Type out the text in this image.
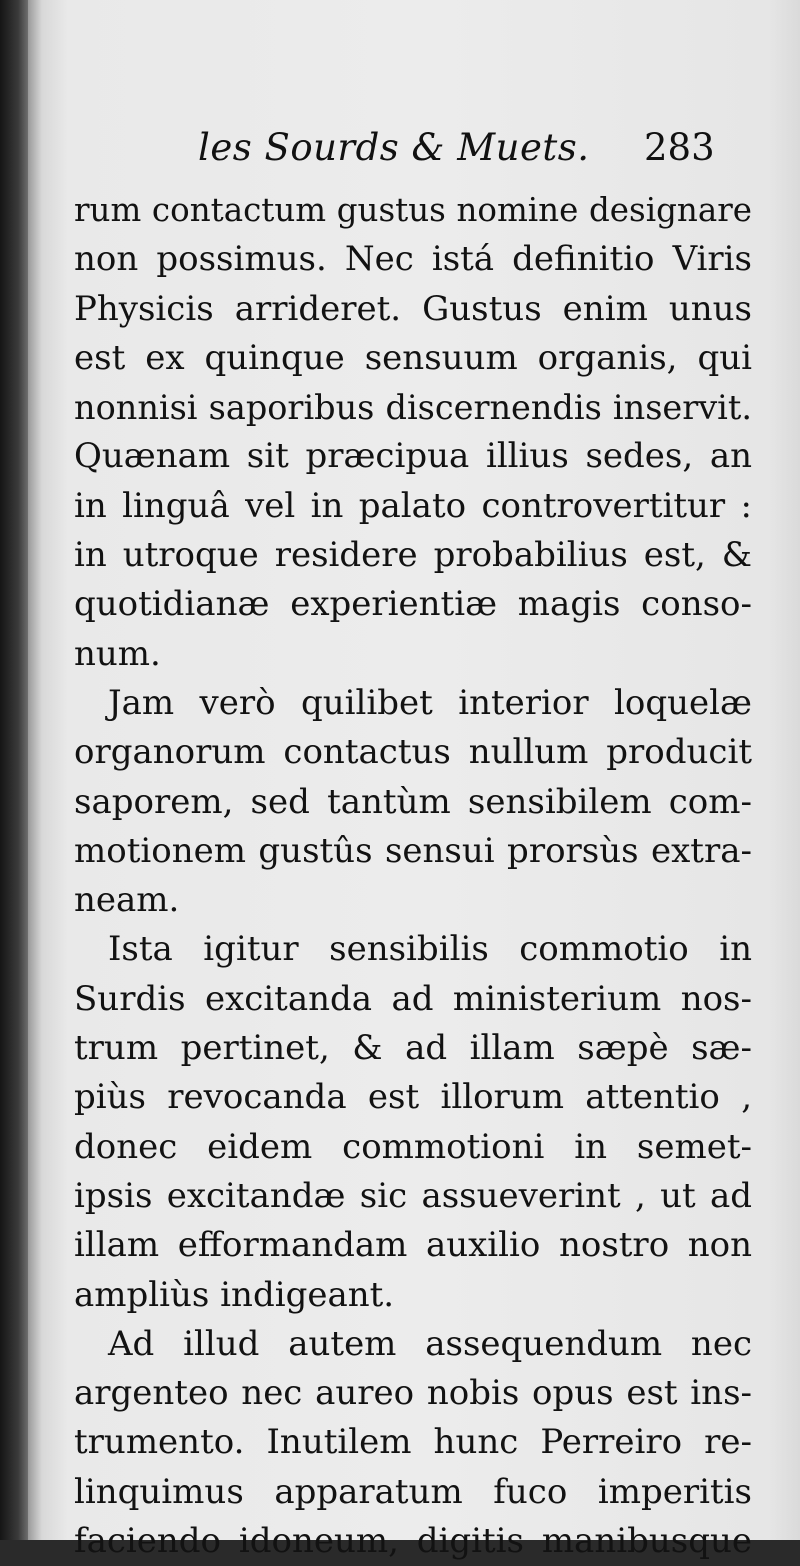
les Sourds & Muets. 283
rum contactum gustus nomine designare
non possimus. Nec istá definitio Viris
Physicis arrideret. Gustus enim unus
est ex quinque sensuum organis, qui
nonnisi saporibus discernendis inservit.
Quænam sit præcipua illius sedes, an
in linguâ vel in palato controvertitur :
in utroque residere probabilius est, &
quotidianæ experientiæ magis conso-
num.
Jam verò quilibet interior loquelæ
organorum contactus nullum producit
saporem, sed tantùm sensibilem com-
motionem gustûs sensui prorsùs extra-
neam.
Ista igitur sensibilis commotio in
Surdis excitanda ad ministerium nos-
trum pertinet, & ad illam sæpè sæ-
piùs revocanda est illorum attentio ,
donec eidem commotioni in semet-
ipsis excitandæ sic assueverint , ut ad
illam efformandam auxilio nostro non
ampliùs indigeant.
Ad illud autem assequendum nec
argenteo nec aureo nobis opus est ins-
trumento. Inutilem hunc Perreiro re-
linquimus apparatum fuco imperitis
faciendo idoneum, digitis manibusque
